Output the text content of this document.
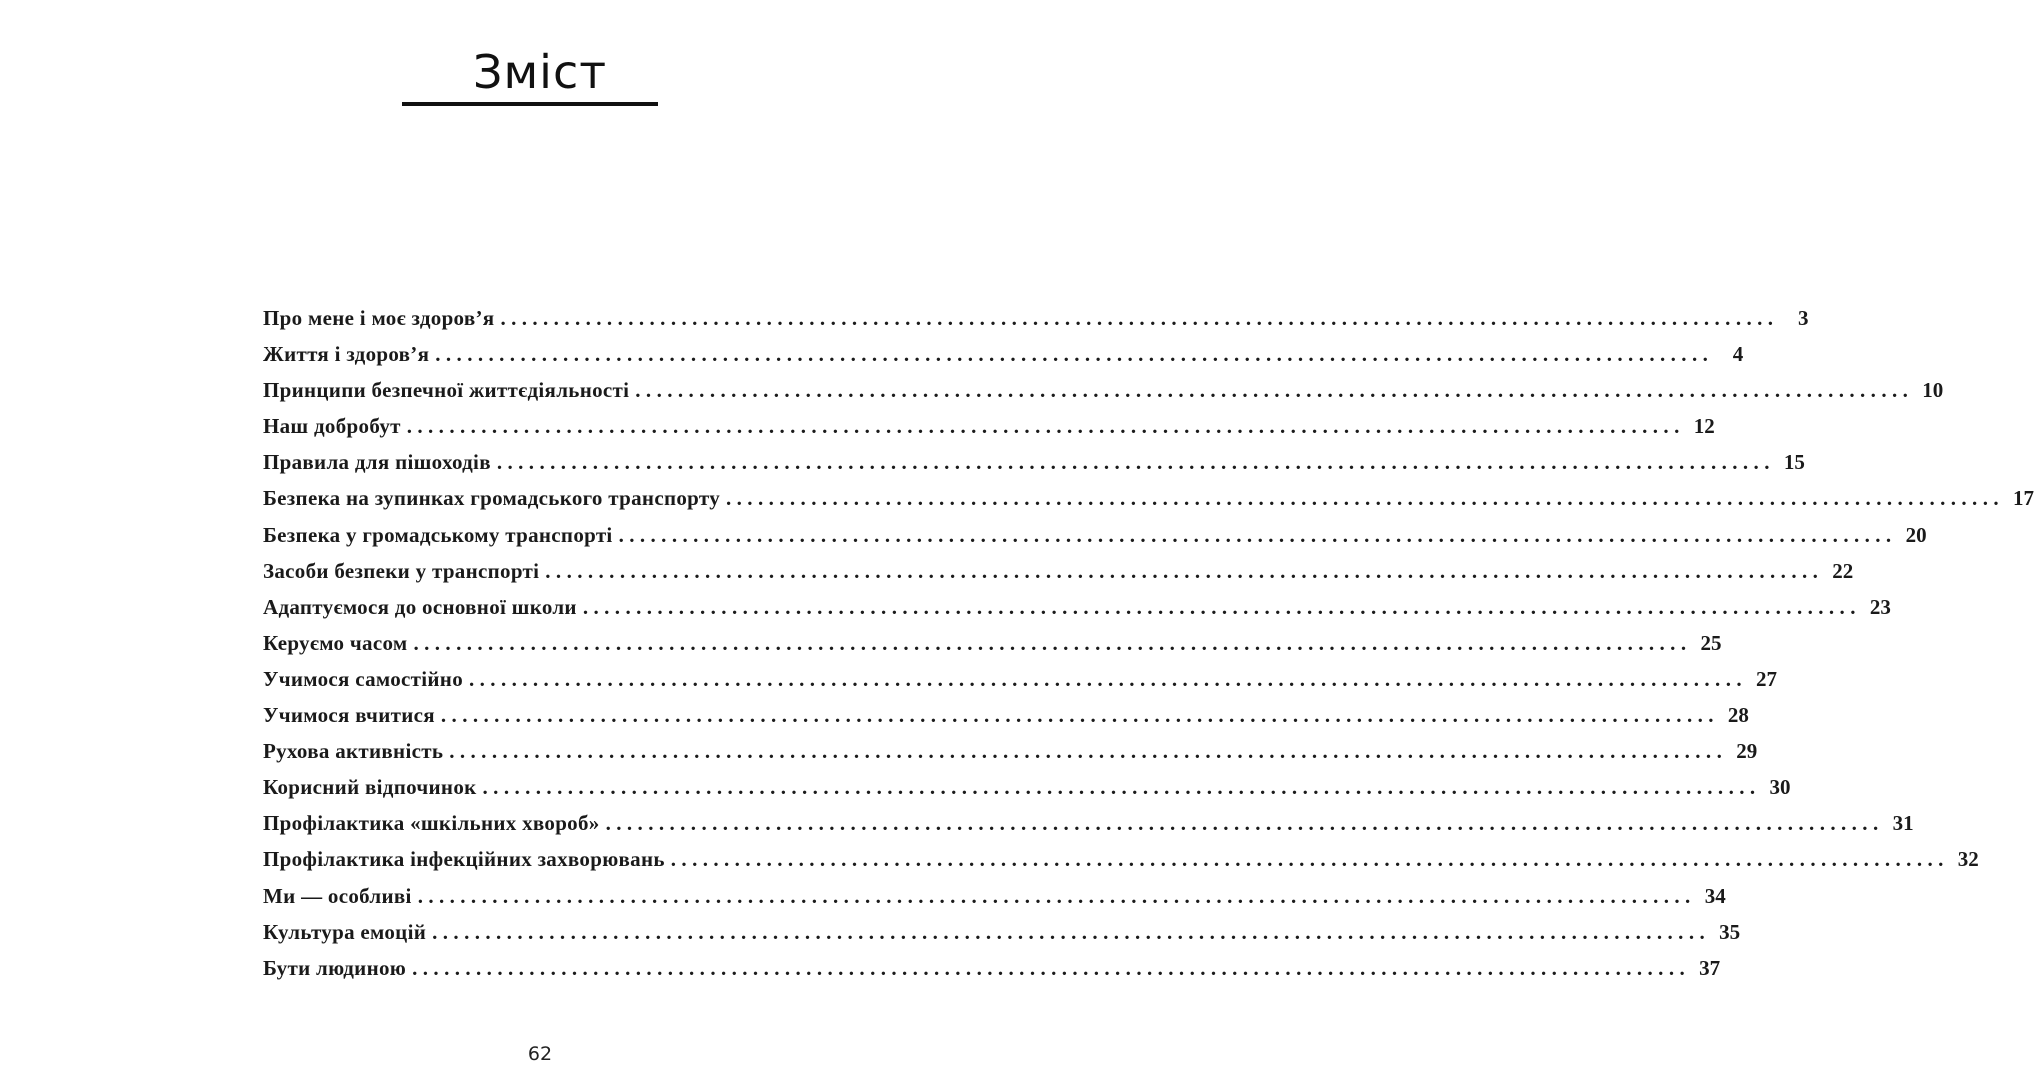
Зміст
Про мене і моє здоров’я ........................................................................................................................ 3
Життя і здоров’я ........................................................................................................................ 4
Принципи безпечної життєдіяльності ........................................................................................................................ 10
Наш добробут ........................................................................................................................ 12
Правила для пішоходів ........................................................................................................................ 15
Безпека на зупинках громадського транспорту ........................................................................................................................ 17
Безпека у громадському транспорті ........................................................................................................................ 20
Засоби безпеки у транспорті ........................................................................................................................ 22
Адаптуємося до основної школи ........................................................................................................................ 23
Керуємо часом ........................................................................................................................ 25
Учимося самостійно ........................................................................................................................ 27
Учимося вчитися ........................................................................................................................ 28
Рухова активність ........................................................................................................................ 29
Корисний відпочинок ........................................................................................................................ 30
Профілактика «шкільних хвороб» ........................................................................................................................ 31
Профілактика інфекційних захворювань ........................................................................................................................ 32
Ми — особливі ........................................................................................................................ 34
Культура емоцій ........................................................................................................................ 35
Бути людиною ........................................................................................................................ 37
62
